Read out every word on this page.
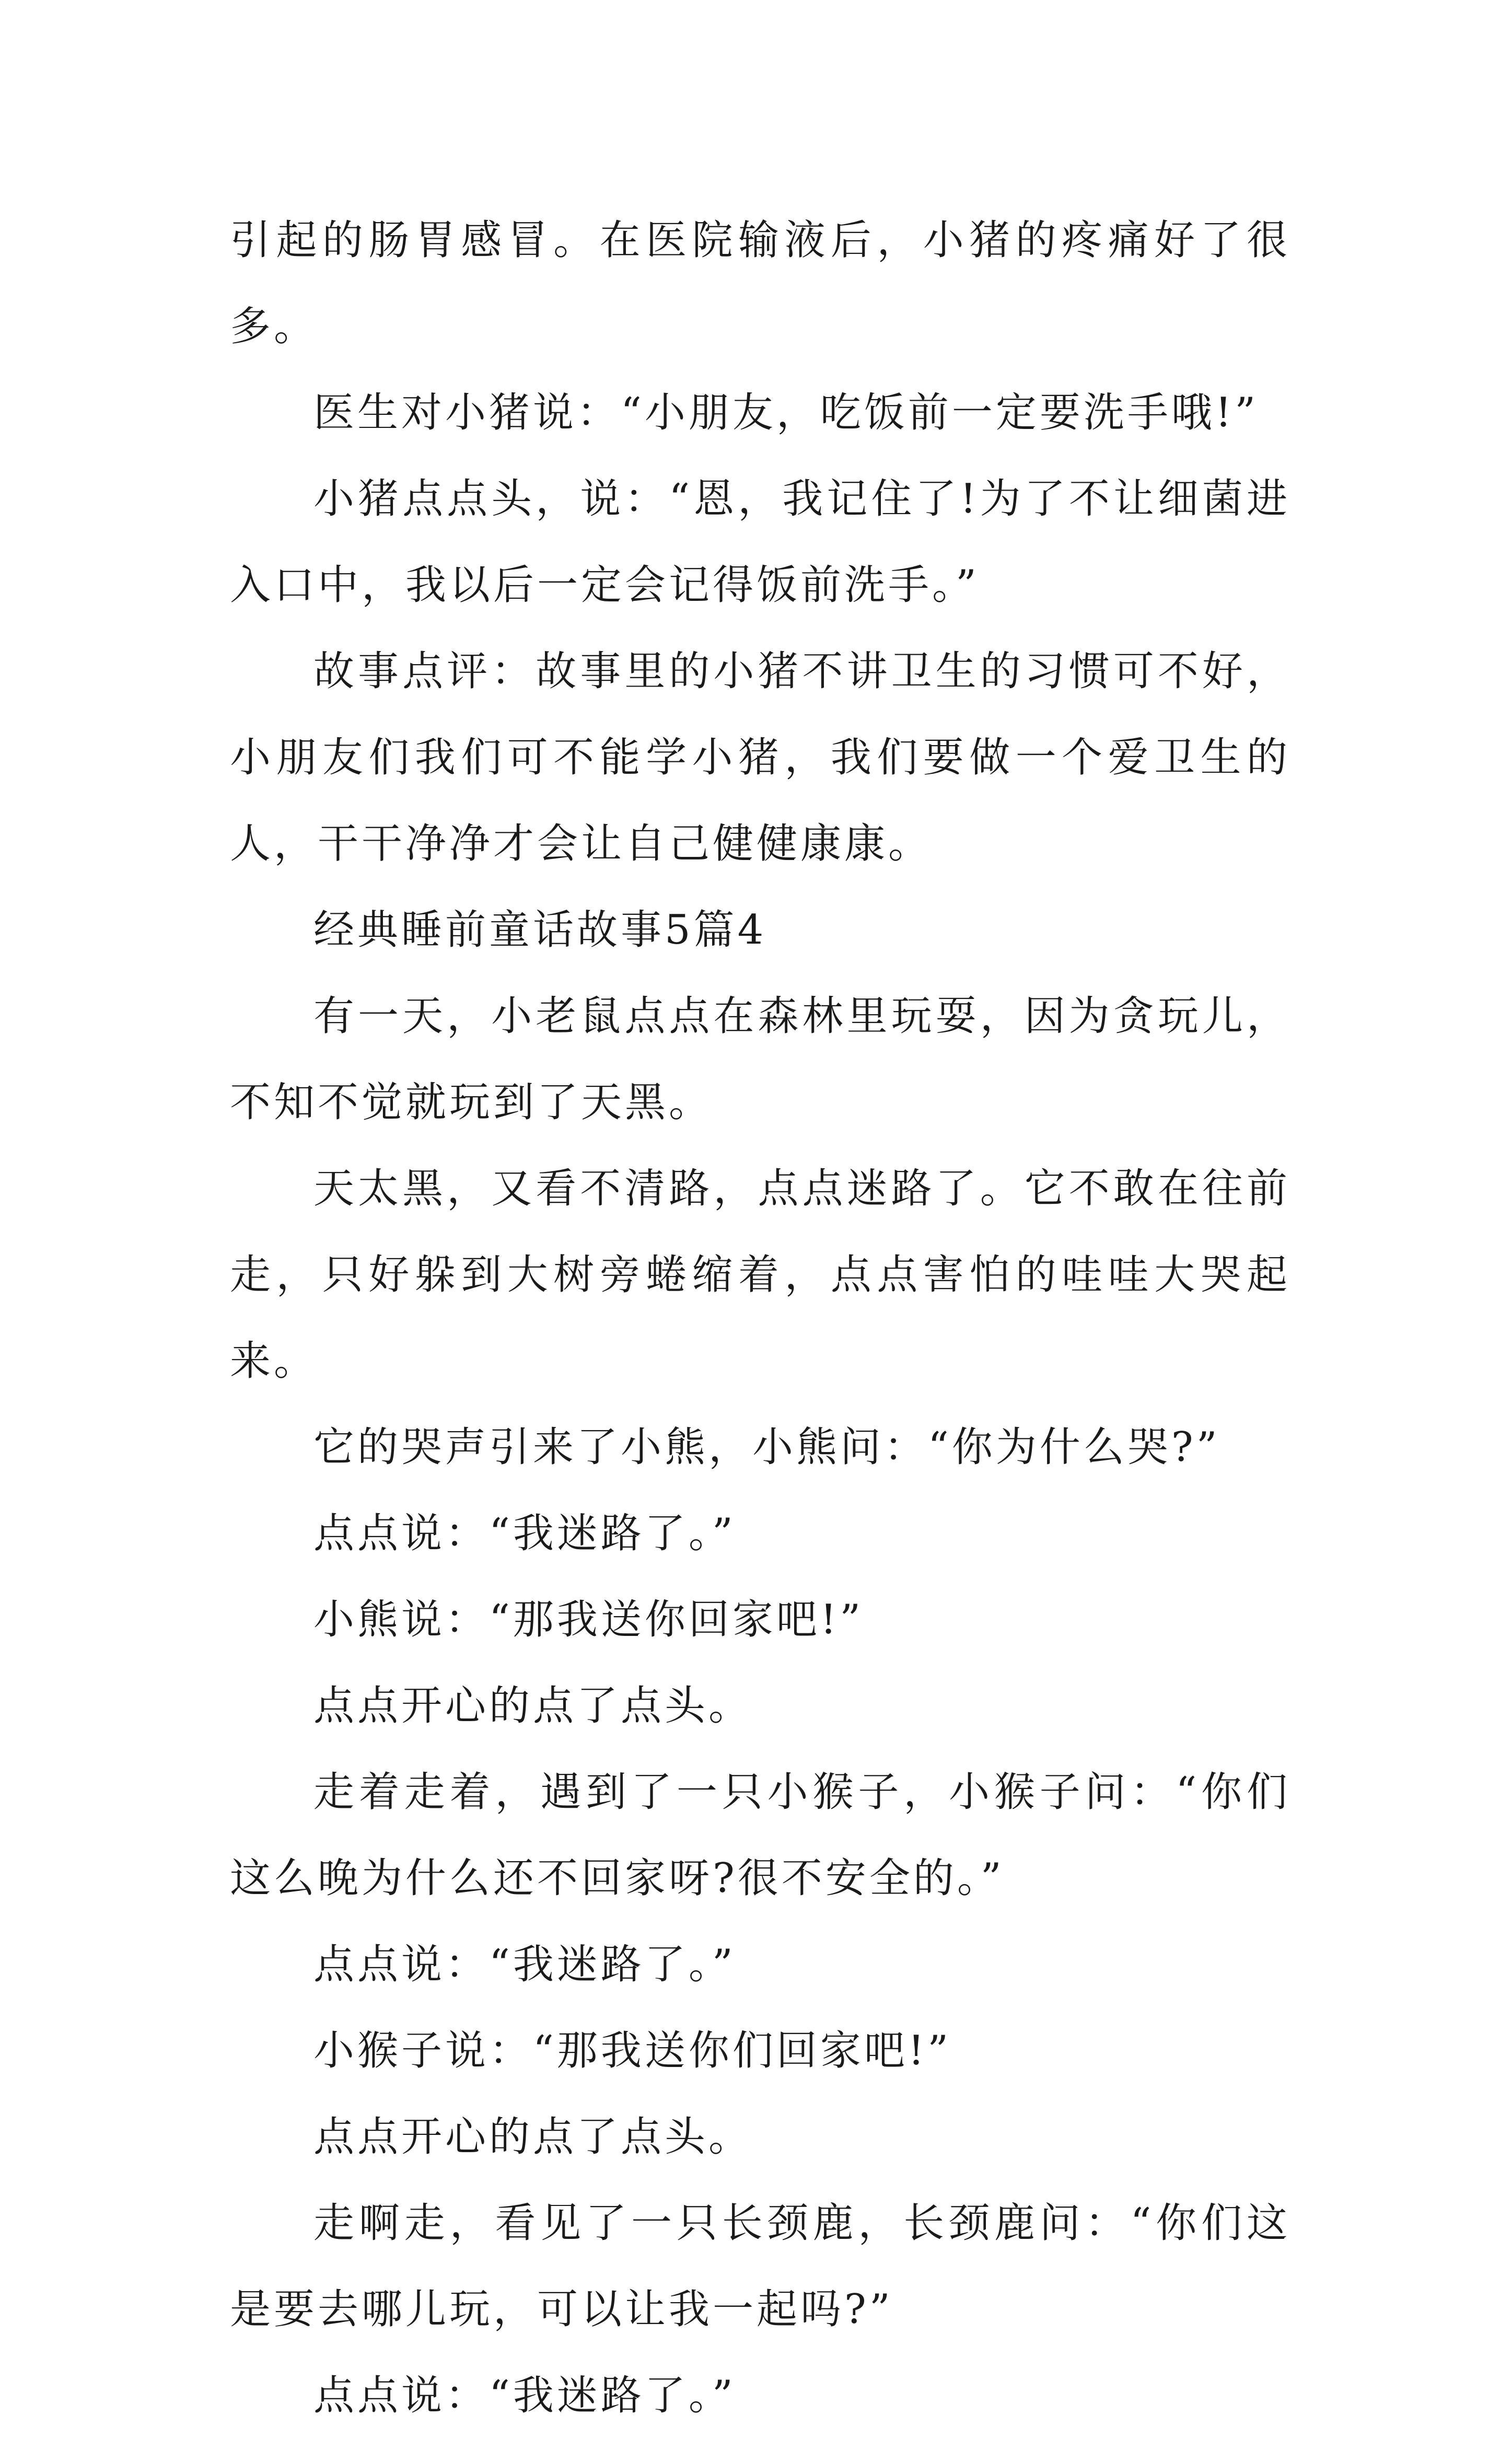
引起的肠胃感冒。在医院输液后，小猪的疼痛好了很多。

医生对小猪说：“小朋友，吃饭前一定要洗手哦!”

小猪点点头，说：“恩，我记住了!为了不让细菌进入口中，我以后一定会记得饭前洗手。”

故事点评：故事里的小猪不讲卫生的习惯可不好，小朋友们我们可不能学小猪，我们要做一个爱卫生的人，干干净净才会让自己健健康康。

经典睡前童话故事5篇4

有一天，小老鼠点点在森林里玩耍，因为贪玩儿，不知不觉就玩到了天黑。

天太黑，又看不清路，点点迷路了。它不敢在往前走，只好躲到大树旁蜷缩着，点点害怕的哇哇大哭起来。

它的哭声引来了小熊，小熊问：“你为什么哭?”

点点说：“我迷路了。”

小熊说：“那我送你回家吧!”

点点开心的点了点头。

走着走着，遇到了一只小猴子，小猴子问：“你们这么晚为什么还不回家呀?很不安全的。”

点点说：“我迷路了。”

小猴子说：“那我送你们回家吧!”

点点开心的点了点头。

走啊走，看见了一只长颈鹿，长颈鹿问：“你们这是要去哪儿玩，可以让我一起吗?”

点点说：“我迷路了。”
